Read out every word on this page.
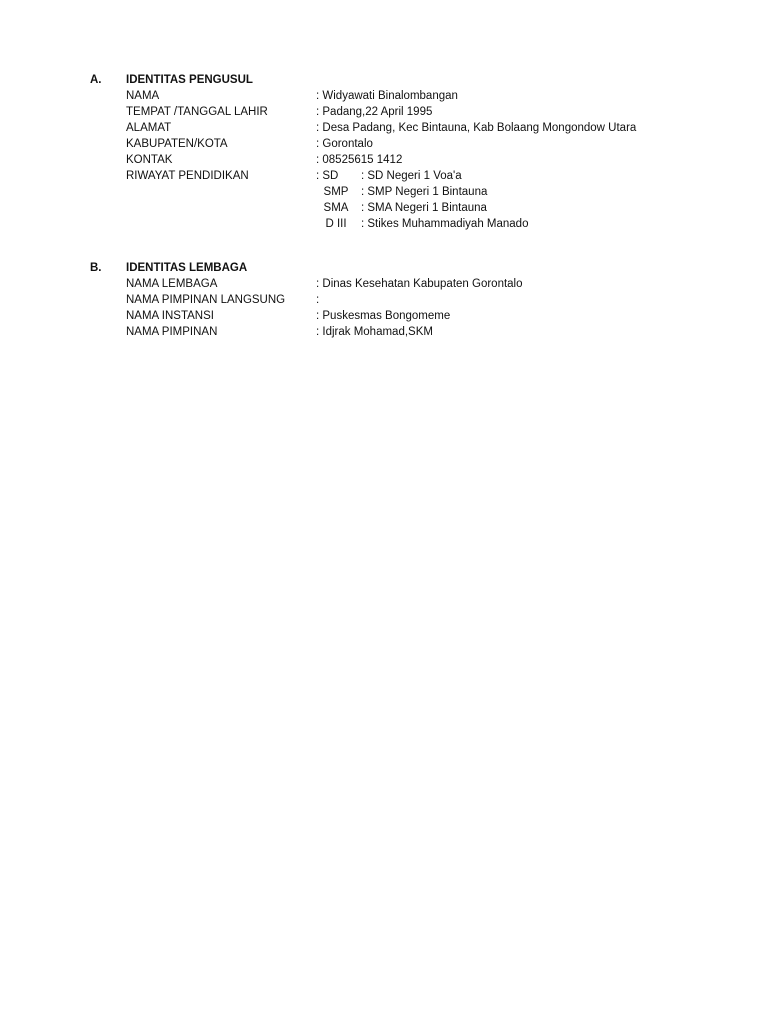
A. IDENTITAS PENGUSUL
NAMA	: Widyawati Binalombangan
TEMPAT /TANGGAL LAHIR	: Padang,22 April 1995
ALAMAT	: Desa Padang, Kec Bintauna, Kab Bolaang Mongondow Utara
KABUPATEN/KOTA	: Gorontalo
KONTAK	: 08525615 1412
RIWAYAT PENDIDIKAN	: SD : SD Negeri 1 Voa'a
SMP	: SMP Negeri 1 Bintauna
SMA	: SMA Negeri 1 Bintauna
D III	: Stikes Muhammadiyah Manado
B. IDENTITAS LEMBAGA
NAMA LEMBAGA	: Dinas Kesehatan Kabupaten Gorontalo
NAMA PIMPINAN LANGSUNG	:
NAMA INSTANSI	: Puskesmas Bongomeme
NAMA PIMPINAN	: Idjrak Mohamad,SKM
